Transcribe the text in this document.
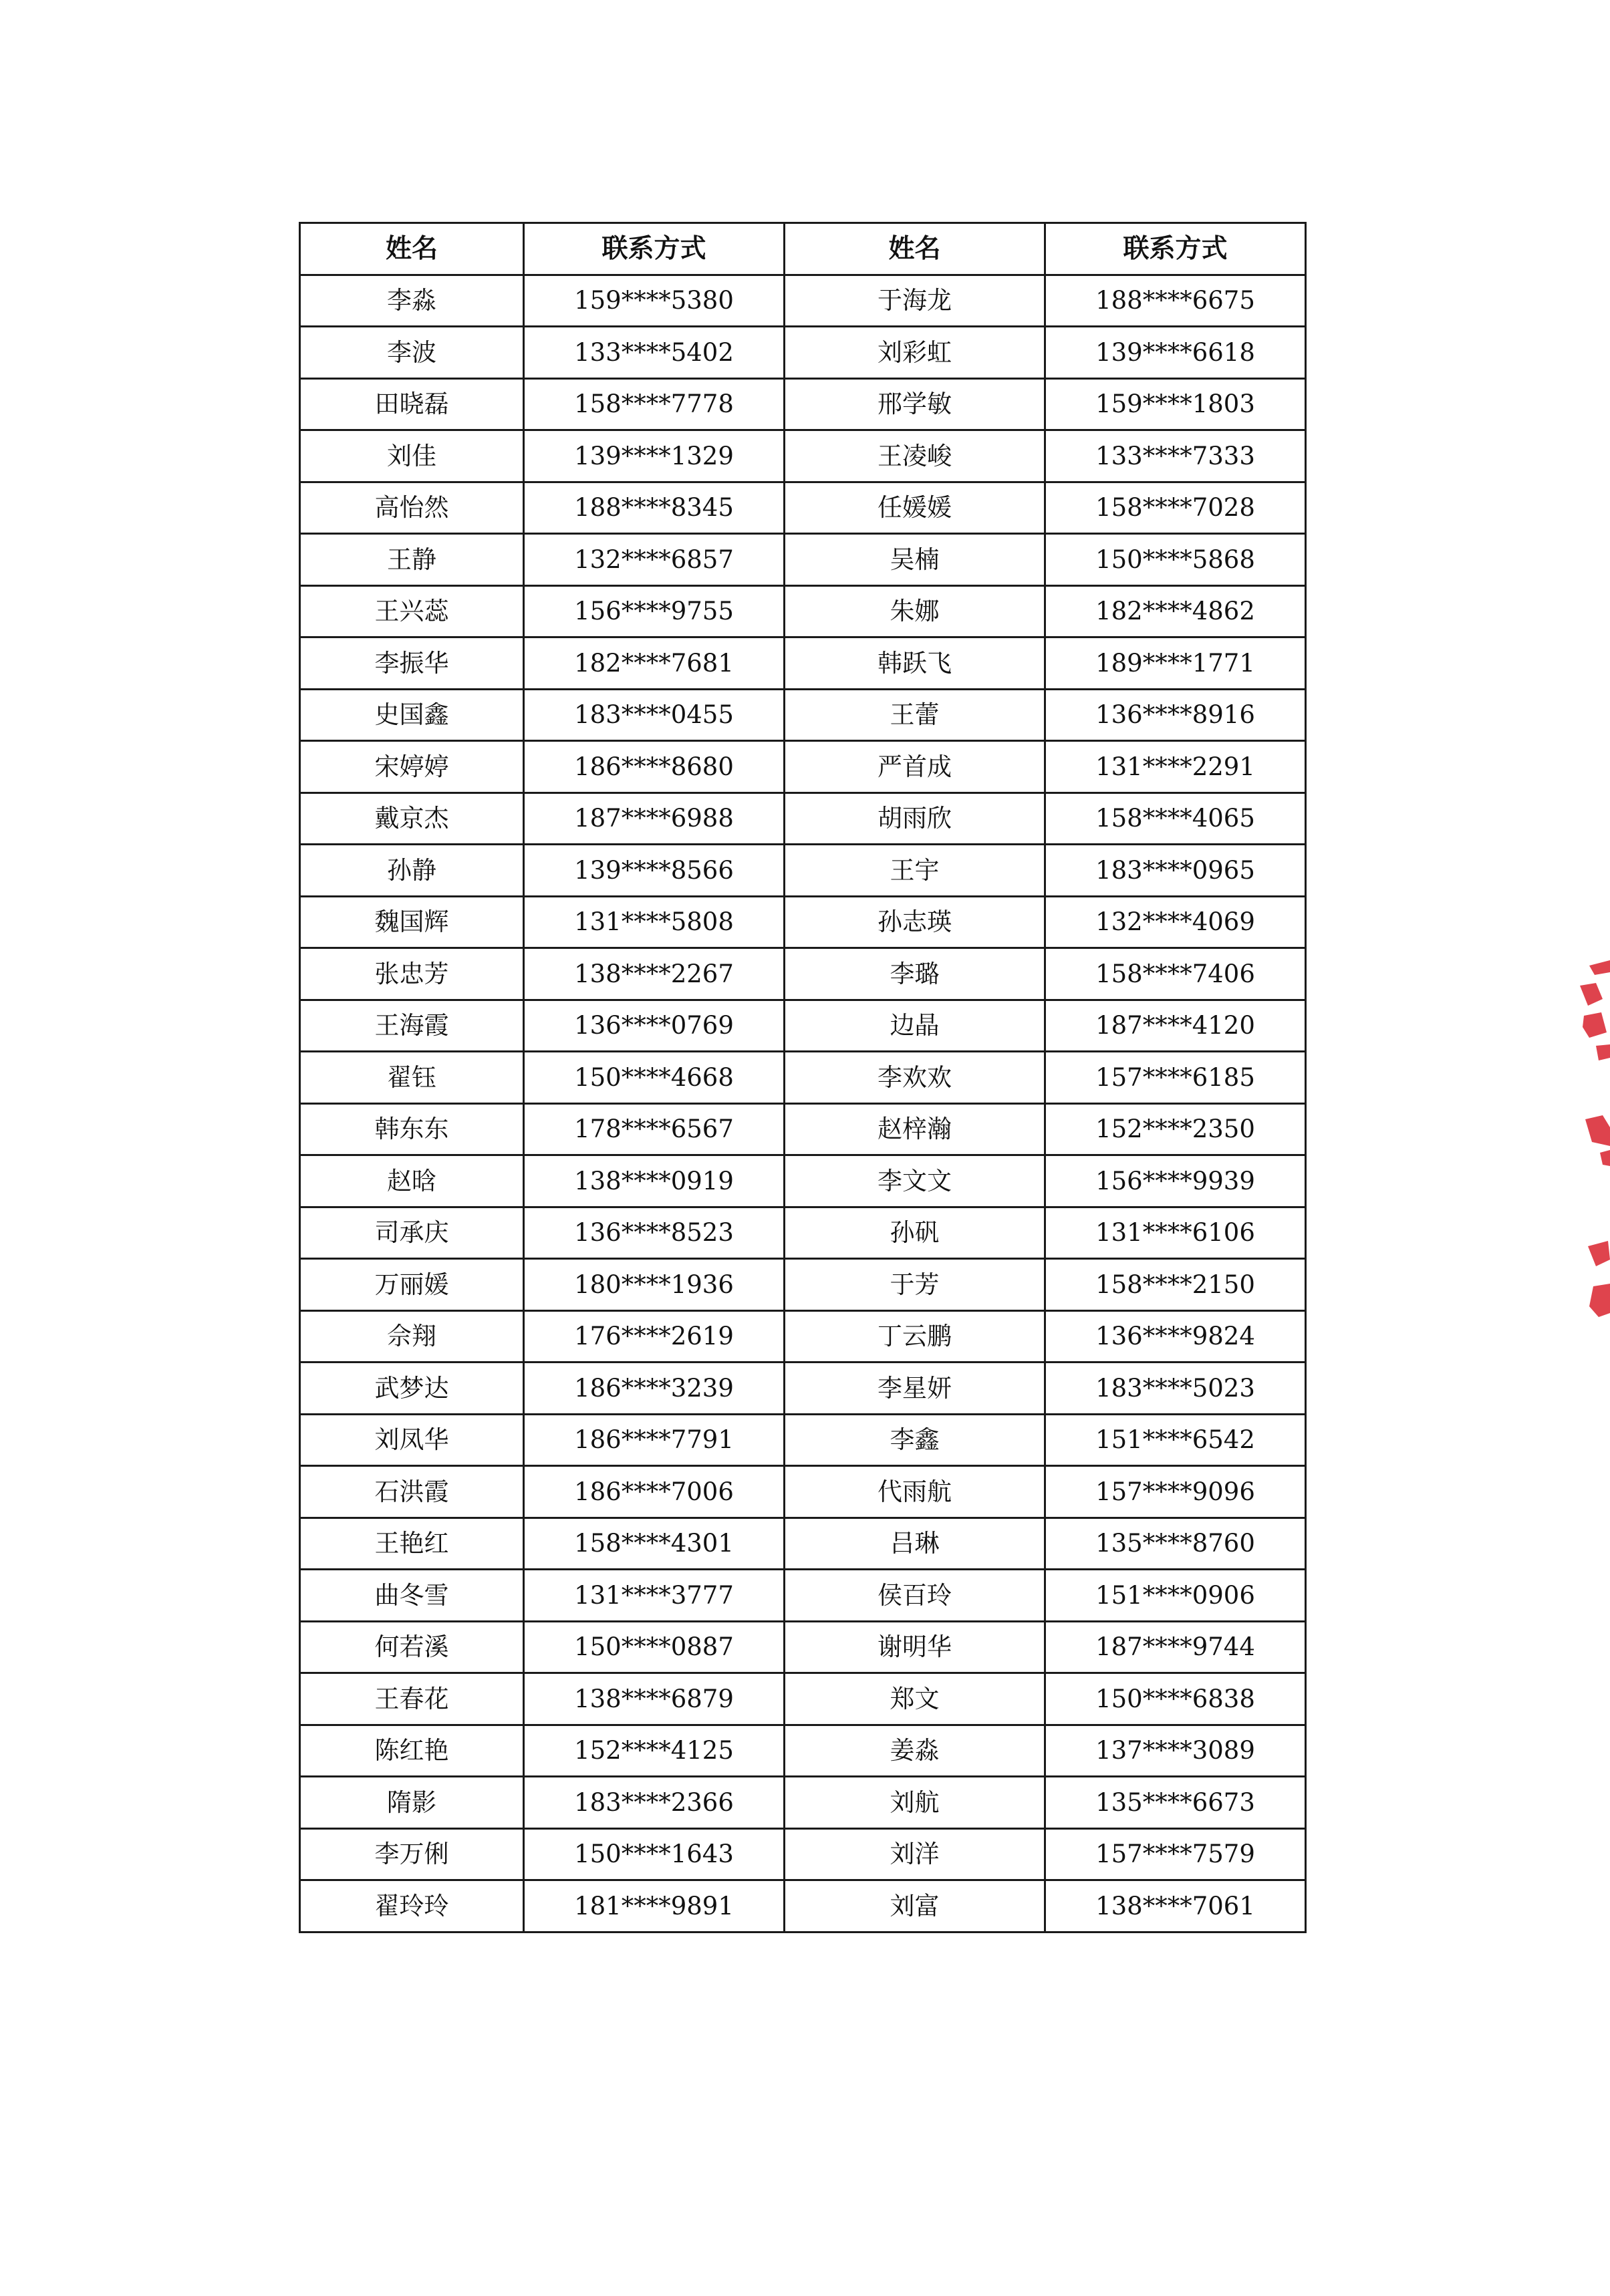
姓名	联系方式	姓名	联系方式
李淼	159****5380	于海龙	188****6675
李波	133****5402	刘彩虹	139****6618
田晓磊	158****7778	邢学敏	159****1803
刘佳	139****1329	王凌峻	133****7333
高怡然	188****8345	任媛媛	158****7028
王静	132****6857	吴楠	150****5868
王兴蕊	156****9755	朱娜	182****4862
李振华	182****7681	韩跃飞	189****1771
史国鑫	183****0455	王蕾	136****8916
宋婷婷	186****8680	严首成	131****2291
戴京杰	187****6988	胡雨欣	158****4065
孙静	139****8566	王宇	183****0965
魏国辉	131****5808	孙志瑛	132****4069
张忠芳	138****2267	李璐	158****7406
王海霞	136****0769	边晶	187****4120
翟钰	150****4668	李欢欢	157****6185
韩东东	178****6567	赵梓瀚	152****2350
赵晗	138****0919	李文文	156****9939
司承庆	136****8523	孙矾	131****6106
万丽媛	180****1936	于芳	158****2150
佘翔	176****2619	丁云鹏	136****9824
武梦达	186****3239	李星妍	183****5023
刘凤华	186****7791	李鑫	151****6542
石洪霞	186****7006	代雨航	157****9096
王艳红	158****4301	吕琳	135****8760
曲冬雪	131****3777	侯百玲	151****0906
何若溪	150****0887	谢明华	187****9744
王春花	138****6879	郑文	150****6838
陈红艳	152****4125	姜淼	137****3089
隋影	183****2366	刘航	135****6673
李万俐	150****1643	刘洋	157****7579
翟玲玲	181****9891	刘富	138****7061
